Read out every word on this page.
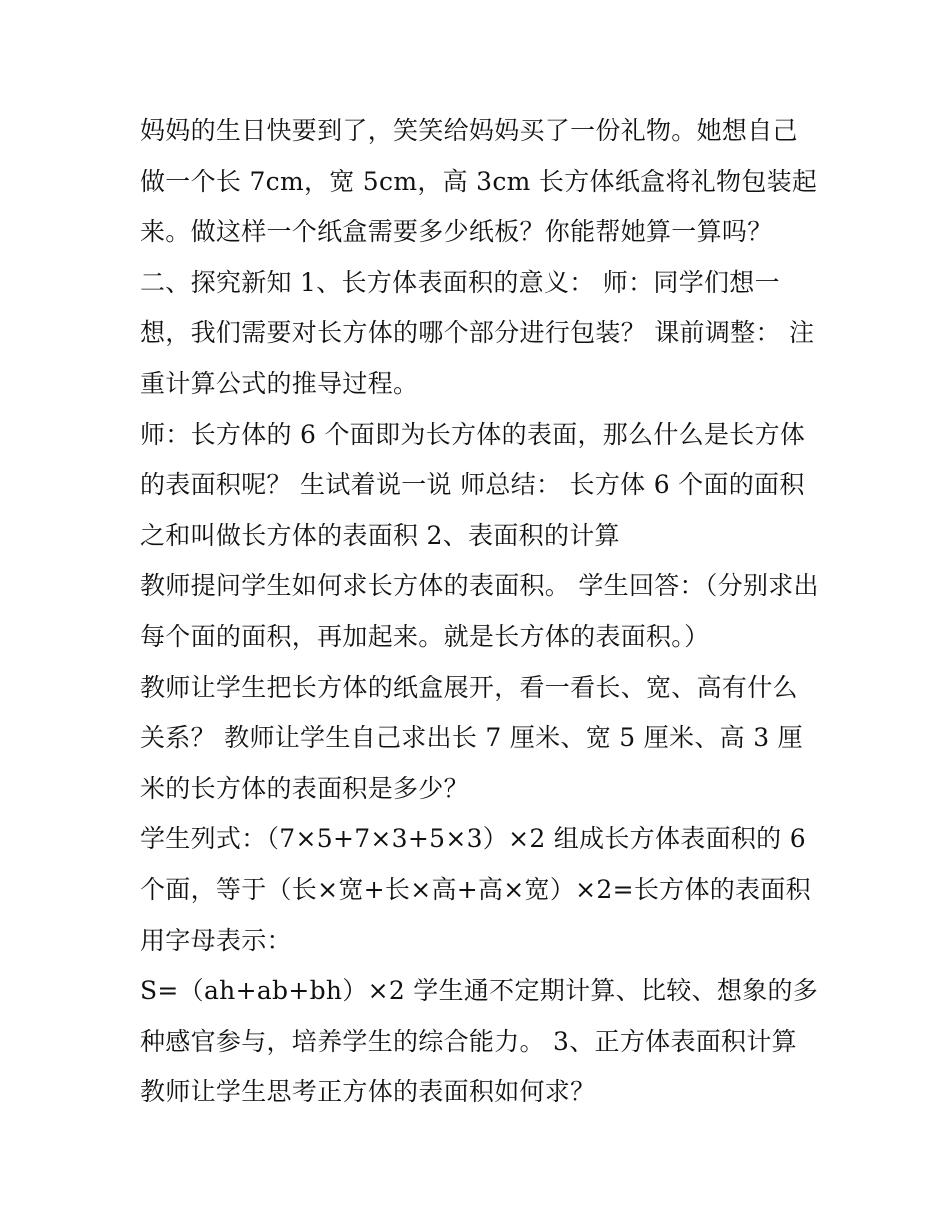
妈妈的生日快要到了，笑笑给妈妈买了一份礼物。她想自己做一个长 7cm，宽 5cm，高 3cm 长方体纸盒将礼物包装起来。做这样一个纸盒需要多少纸板？你能帮她算一算吗？

二、探究新知 1、长方体表面积的意义： 师：同学们想一想，我们需要对长方体的哪个部分进行包装？ 课前调整： 注重计算公式的推导过程。

师：长方体的 6 个面即为长方体的表面，那么什么是长方体的表面积呢？ 生试着说一说 师总结： 长方体 6 个面的面积之和叫做长方体的表面积 2、表面积的计算

教师提问学生如何求长方体的表面积。 学生回答：（分别求出每个面的面积，再加起来。就是长方体的表面积。）

教师让学生把长方体的纸盒展开，看一看长、宽、高有什么关系？ 教师让学生自己求出长 7 厘米、宽 5 厘米、高 3 厘米的长方体的表面积是多少？

学生列式：（7×5+7×3+5×3）×2 组成长方体表面积的 6 个面，等于（长×宽+长×高+高×宽）×2=长方体的表面积 用字母表示：

S=（ah+ab+bh）×2 学生通不定期计算、比较、想象的多种感官参与，培养学生的综合能力。 3、正方体表面积计算 教师让学生思考正方体的表面积如何求？
